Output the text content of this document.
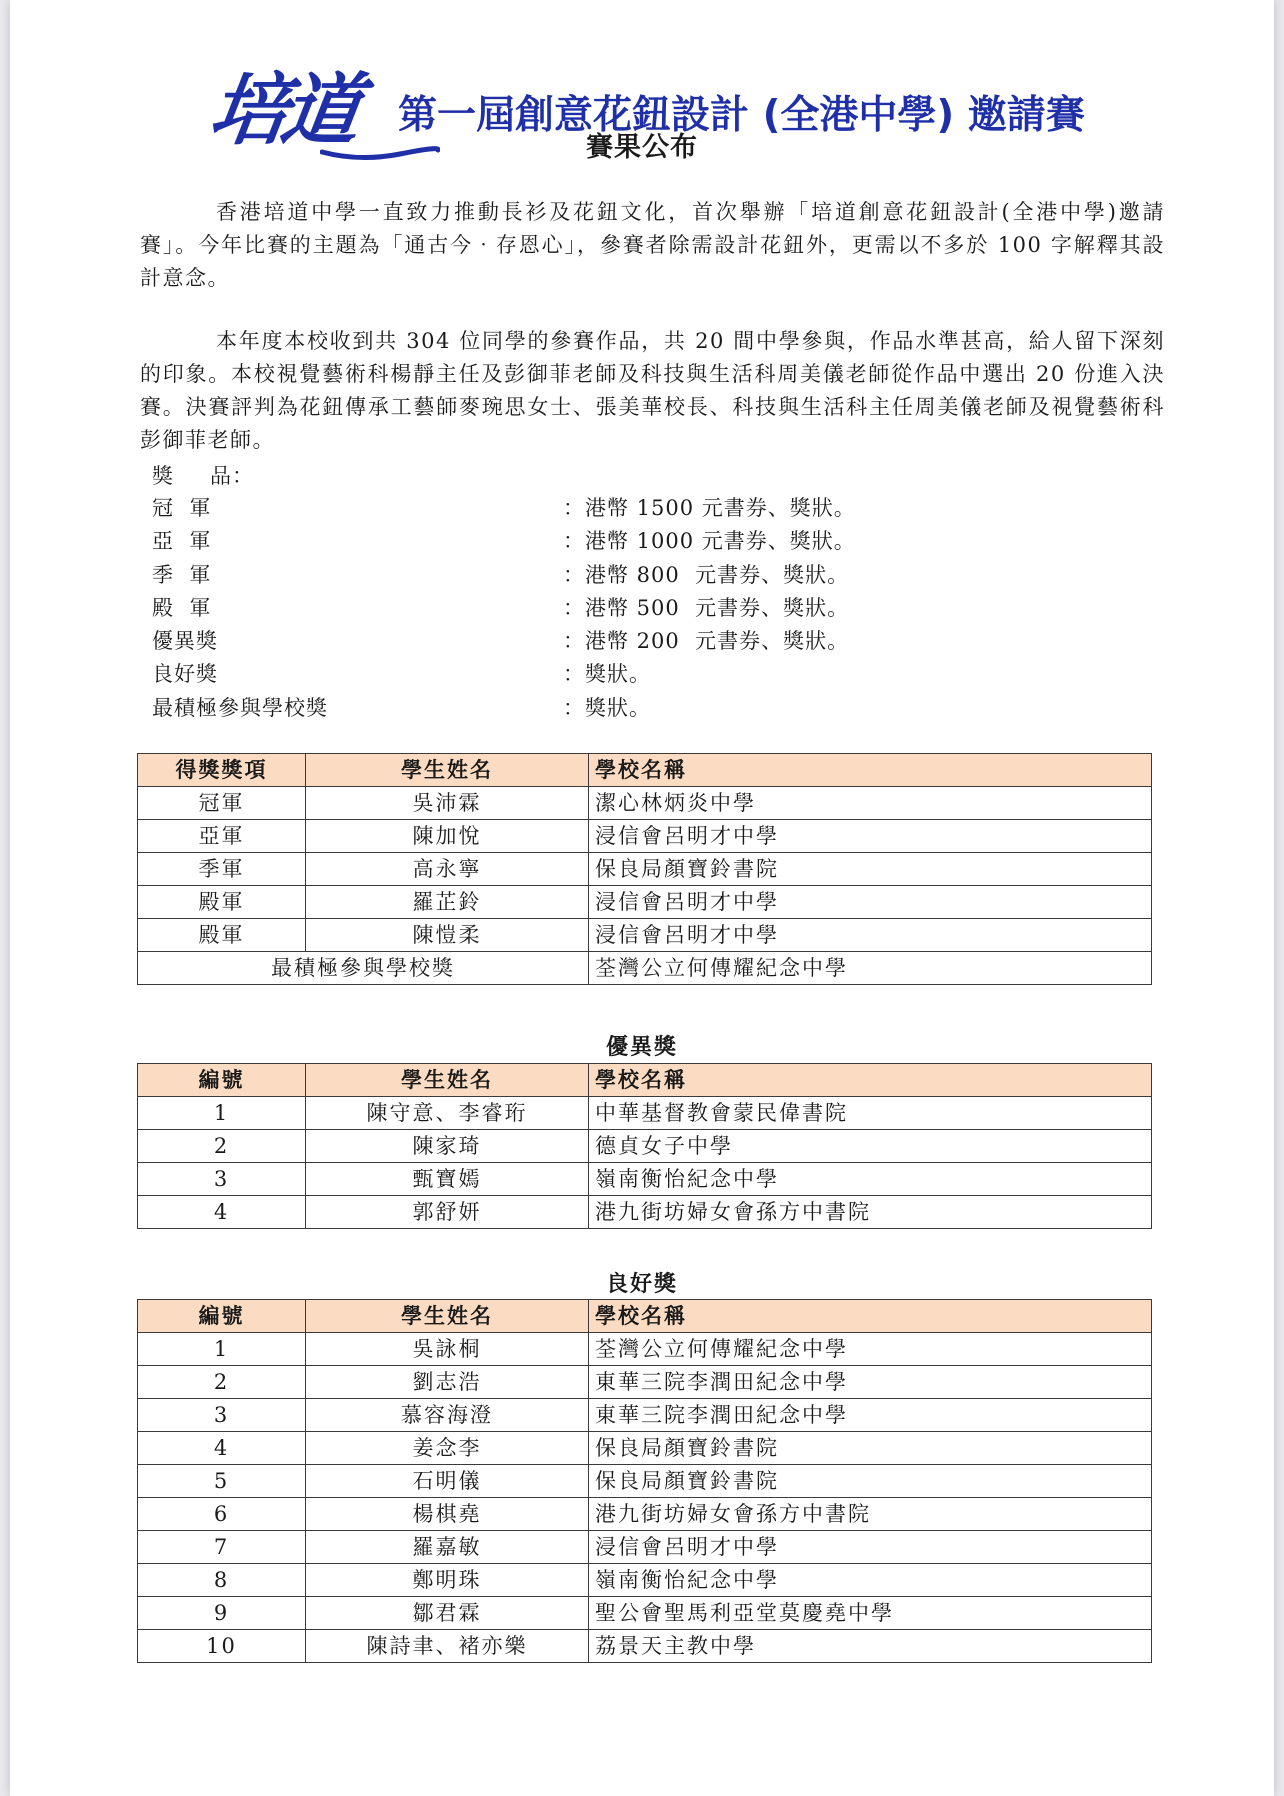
培道 第一屆創意花鈕設計 (全港中學) 邀請賽
賽果公布

香港培道中學一直致力推動長衫及花鈕文化，首次舉辦「培道創意花鈕設計(全港中學)邀請賽」。今年比賽的主題為「通古今‧存恩心」，參賽者除需設計花鈕外，更需以不多於 100 字解釋其設計意念。

本年度本校收到共 304 位同學的參賽作品，共 20 間中學參與，作品水準甚高，給人留下深刻的印象。本校視覺藝術科楊靜主任及彭御菲老師及科技與生活科周美儀老師從作品中選出 20 份進入決賽。決賽評判為花鈕傳承工藝師麥琬思女士、張美華校長、科技與生活科主任周美儀老師及視覺藝術科彭御菲老師。

獎 品：
冠  軍	：港幣 1500 元書券、獎狀。
亞  軍	：港幣 1000 元書券、獎狀。
季  軍	：港幣 800  元書券、獎狀。
殿  軍	：港幣 500  元書券、獎狀。
優異獎	：港幣 200  元書券、獎狀。
良好獎	：獎狀。
最積極參與學校獎	：獎狀。
得獎獎項	學生姓名	學校名稱
冠軍	吳沛霖	潔心林炳炎中學
亞軍	陳加悅	浸信會呂明才中學
季軍	高永寧	保良局顏寶鈴書院
殿軍	羅芷鈴	浸信會呂明才中學
殿軍	陳愷柔	浸信會呂明才中學
最積極參與學校獎		荃灣公立何傳耀紀念中學
優異獎
編號	學生姓名	學校名稱
1	陳守意、李睿珩	中華基督教會蒙民偉書院
2	陳家琦	德貞女子中學
3	甄寶嫣	嶺南衡怡紀念中學
4	郭舒妍	港九街坊婦女會孫方中書院
良好獎
編號	學生姓名	學校名稱
1	吳詠桐	荃灣公立何傳耀紀念中學
2	劉志浩	東華三院李潤田紀念中學
3	慕容海澄	東華三院李潤田紀念中學
4	姜念李	保良局顏寶鈴書院
5	石明儀	保良局顏寶鈴書院
6	楊棋堯	港九街坊婦女會孫方中書院
7	羅嘉敏	浸信會呂明才中學
8	鄭明珠	嶺南衡怡紀念中學
9	鄒君霖	聖公會聖馬利亞堂莫慶堯中學
10	陳詩聿、褚亦樂	荔景天主教中學
